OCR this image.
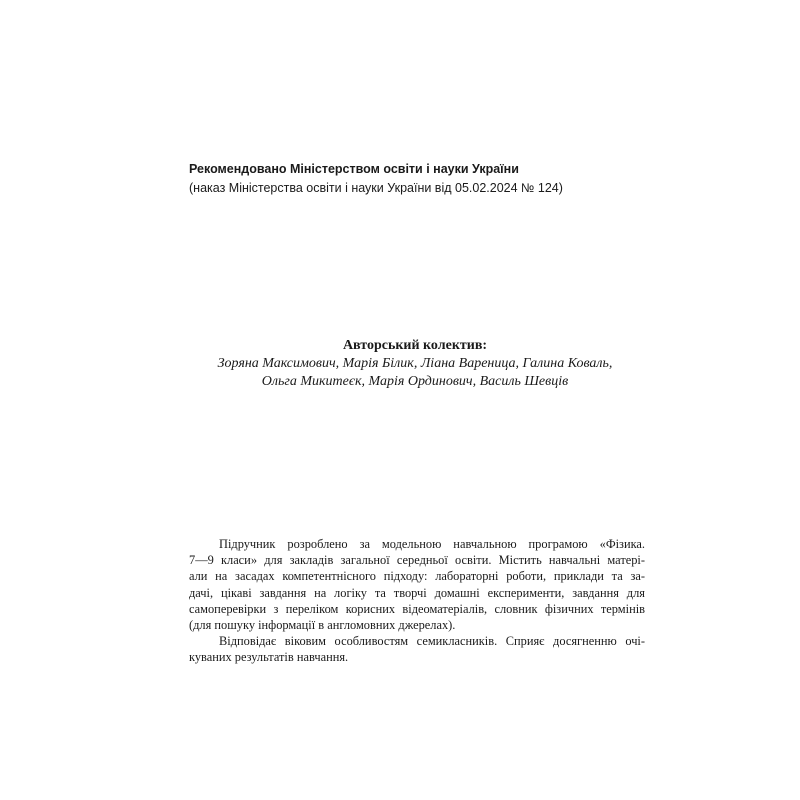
Рекомендовано Міністерством освіти і науки України
(наказ Міністерства освіти і науки України від 05.02.2024 № 124)
Авторський колектив:
Зоряна Максимович, Марія Білик, Ліана Вареница, Галина Коваль,
Ольга Микитеєк, Марія Ординович, Василь Шевців
Підручник розроблено за модельною навчальною програмою «Фізика.
7—9 класи» для закладів загальної середньої освіти. Містить навчальні матері-
али на засадах компетентнісного підходу: лабораторні роботи, приклади та за-
дачі, цікаві завдання на логіку та творчі домашні експерименти, завдання для
самоперевірки з переліком корисних відеоматеріалів, словник фізичних термінів
(для пошуку інформації в англомовних джерелах).
Відповідає віковим особливостям семикласників. Сприяє досягненню очі-
куваних результатів навчання.
